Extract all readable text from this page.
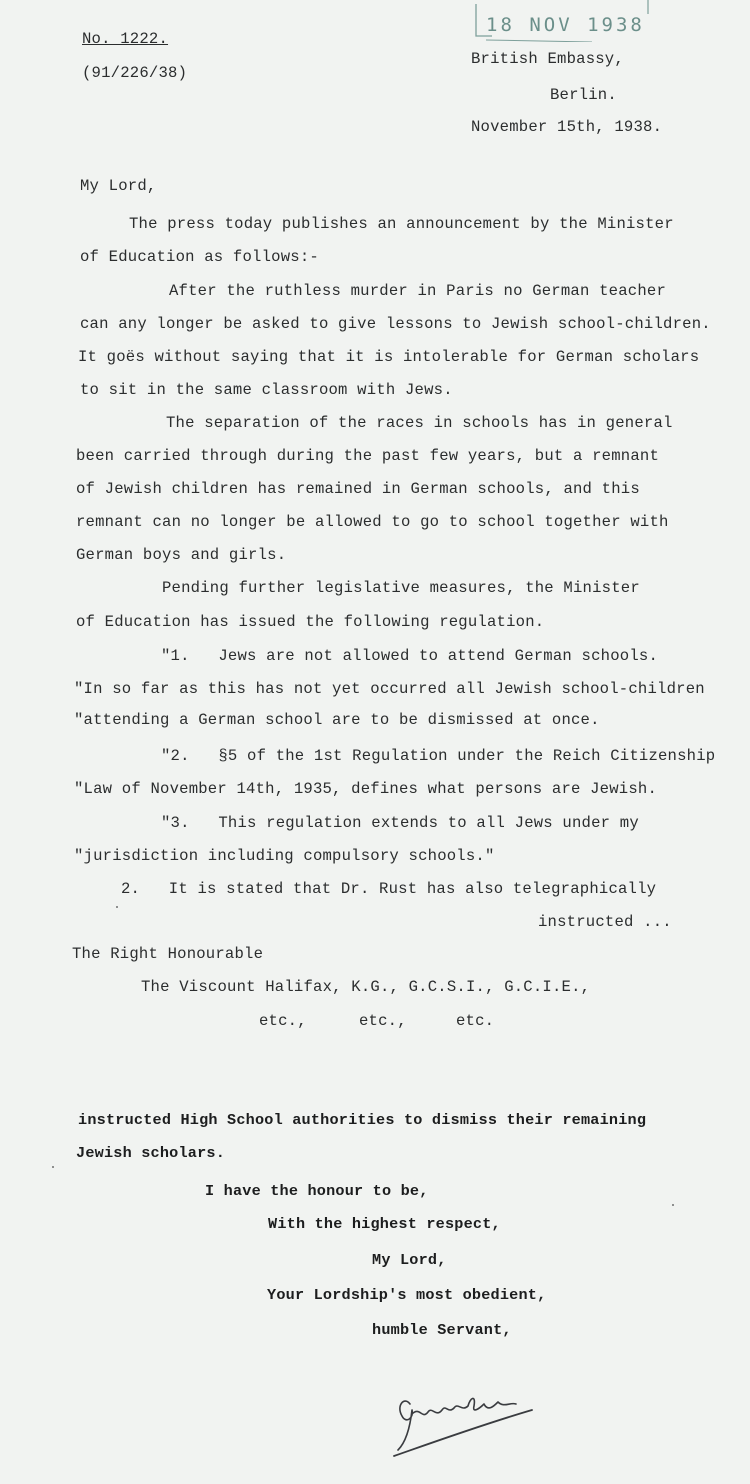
18 NOV 1938
No. 1222.
(91/226/38)
British Embassy,
Berlin.
November 15th, 1938.
My Lord,
The press today publishes an announcement by the Minister
of Education as follows:-
After the ruthless murder in Paris no German teacher
can any longer be asked to give lessons to Jewish school-children.
It goës without saying that it is intolerable for German scholars
to sit in the same classroom with Jews.
The separation of the races in schools has in general
been carried through during the past few years, but a remnant
of Jewish children has remained in German schools, and this
remnant can no longer be allowed to go to school together with
German boys and girls.
Pending further legislative measures, the Minister
of Education has issued the following regulation.
"1.   Jews are not allowed to attend German schools.
"In so far as this has not yet occurred all Jewish school-children
"attending a German school are to be dismissed at once.
"2.   §5 of the 1st Regulation under the Reich Citizenship
"Law of November 14th, 1935, defines what persons are Jewish.
"3.   This regulation extends to all Jews under my
"jurisdiction including compulsory schools."
2.   It is stated that Dr. Rust has also telegraphically
instructed ...
The Right Honourable
The Viscount Halifax, K.G., G.C.S.I., G.C.I.E.,
etc.,	etc.,	etc.
instructed High School authorities to dismiss their remaining
Jewish scholars.
I have the honour to be,
With the highest respect,
My Lord,
Your Lordship's most obedient,
humble Servant,
